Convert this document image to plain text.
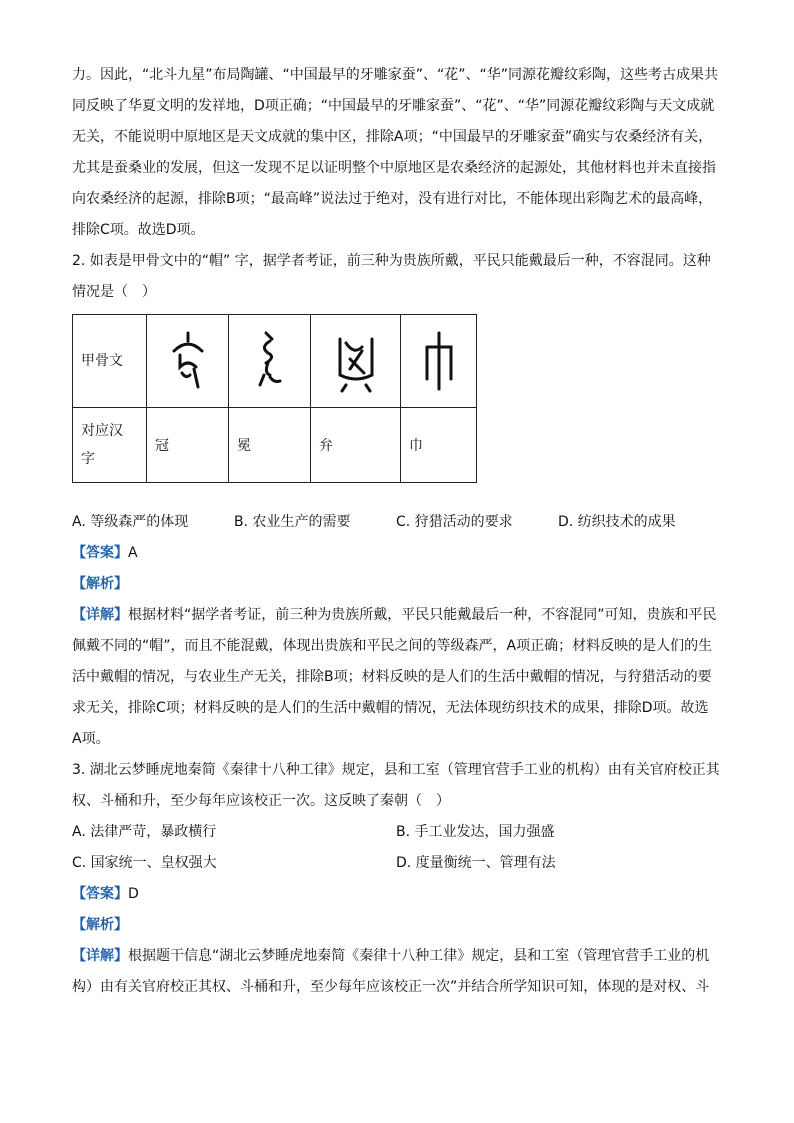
力。因此，“北斗九星”布局陶罐、“中国最早的牙雕家蚕”、“花”、“华”同源花瓣纹彩陶，这些考古成果共

同反映了华夏文明的发祥地，D项正确；“中国最早的牙雕家蚕”、“花”、“华”同源花瓣纹彩陶与天文成就

无关，不能说明中原地区是天文成就的集中区，排除A项；“中国最早的牙雕家蚕”确实与农桑经济有关，

尤其是蚕桑业的发展，但这一发现不足以证明整个中原地区是农桑经济的起源处，其他材料也并未直接指

向农桑经济的起源，排除B项；“最高峰”说法过于绝对，没有进行对比，不能体现出彩陶艺术的最高峰，

排除C项。故选D项。

2. 如表是甲骨文中的“帽” 字，据学者考证，前三种为贵族所戴，平民只能戴最后一种，不容混同。这种

情况是（　）

甲骨文	

对应汉
字	冠	冕	弁	巾
A. 等级森严的体现	B. 农业生产的需要	C. 狩猎活动的要求	D. 纺织技术的成果

【答案】A

【解析】

【详解】根据材料“据学者考证，前三种为贵族所戴，平民只能戴最后一种，不容混同”可知，贵族和平民

佩戴不同的“帽”，而且不能混戴，体现出贵族和平民之间的等级森严，A项正确；材料反映的是人们的生

活中戴帽的情况，与农业生产无关，排除B项；材料反映的是人们的生活中戴帽的情况，与狩猎活动的要

求无关，排除C项；材料反映的是人们的生活中戴帽的情况，无法体现纺织技术的成果，排除D项。故选

A项。

3. 湖北云梦睡虎地秦简《秦律十八种工律》规定，县和工室（管理官营手工业的机构）由有关官府校正其

权、斗桶和升，至少每年应该校正一次。这反映了秦朝（　）

A. 法律严苛，暴政横行	B. 手工业发达，国力强盛
C. 国家统一、皇权强大	D. 度量衡统一、管理有法

【答案】D

【解析】

【详解】根据题干信息“湖北云梦睡虎地秦简《秦律十八种工律》规定，县和工室（管理官营手工业的机

构）由有关官府校正其权、斗桶和升，至少每年应该校正一次”并结合所学知识可知，体现的是对权、斗
